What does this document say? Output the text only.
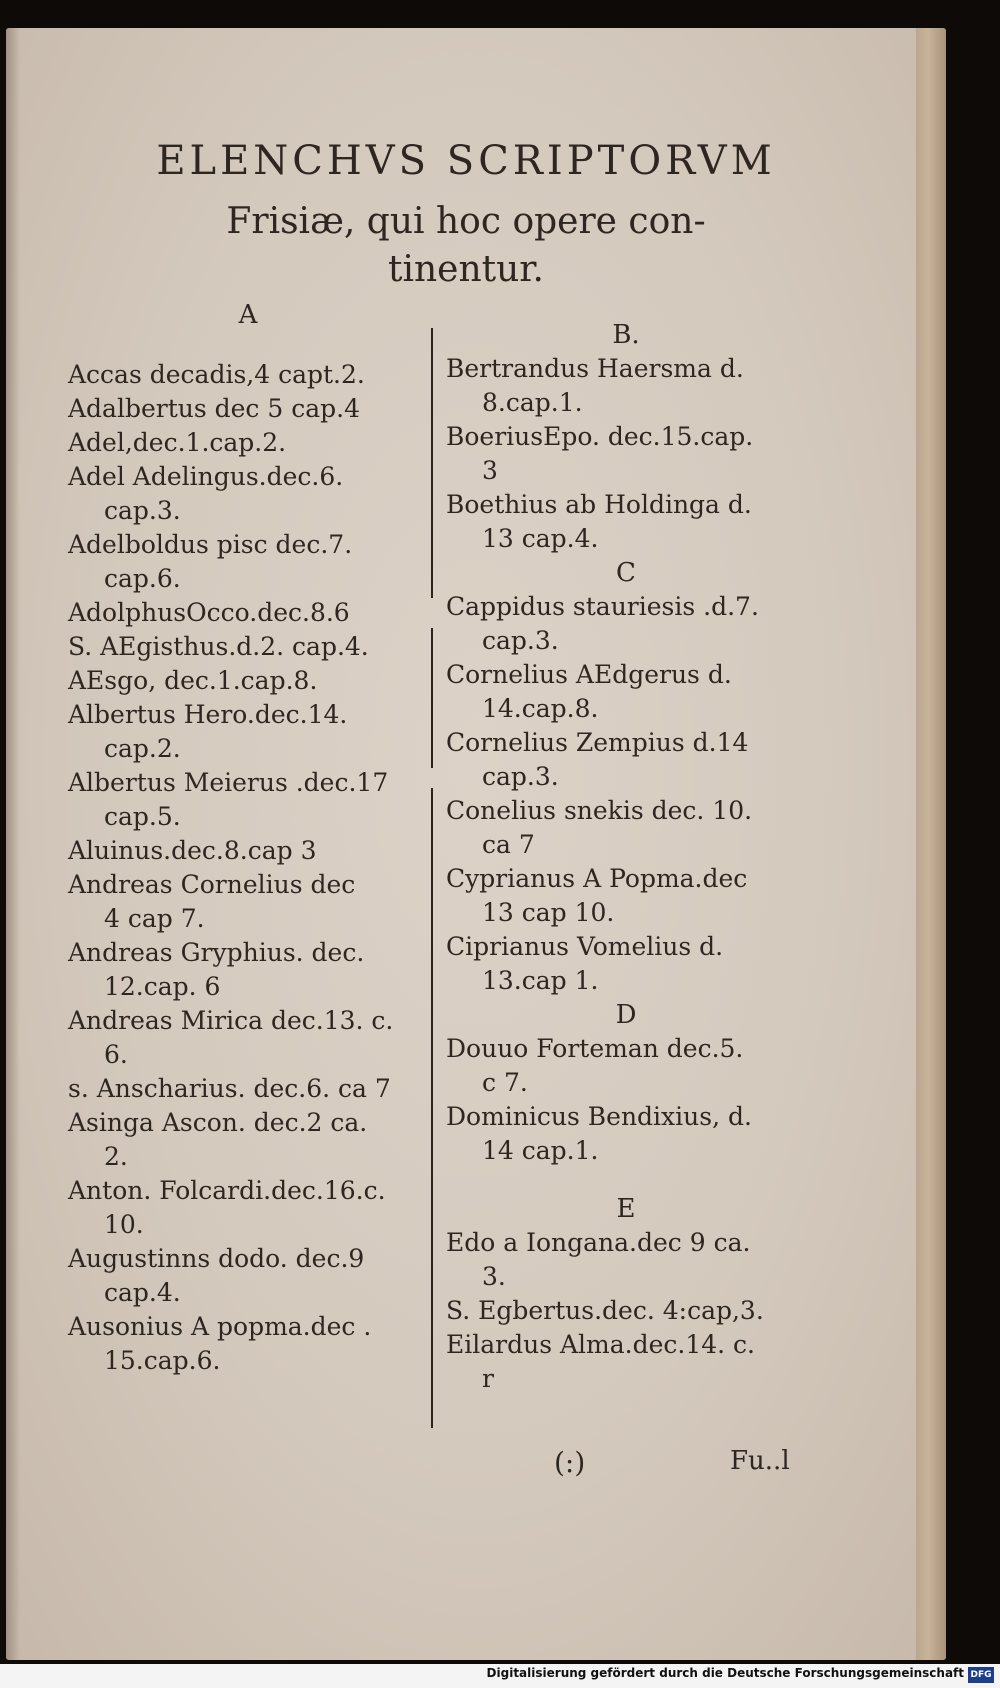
ELENCHVS SCRIPTORVM
Frisiæ, qui hoc opere con-
tinentur.
A
Accas decadis,4 capt.2.
Adalbertus dec 5 cap.4
Adel,dec.1.cap.2.
Adel Adelingus.dec.6.
cap.3.
Adelboldus pisc dec.7.
cap.6.
AdolphusOcco.dec.8.6
S. AEgisthus.d.2. cap.4.
AEsgo, dec.1.cap.8.
Albertus Hero.dec.14.
cap.2.
Albertus Meierus .dec.17
cap.5.
Aluinus.dec.8.cap 3
Andreas Cornelius dec
4 cap 7.
Andreas Gryphius. dec.
12.cap. 6
Andreas Mirica dec.13. c.
6.
s. Anscharius. dec.6. ca 7
Asinga Ascon. dec.2 ca.
2.
Anton. Folcardi.dec.16.c.
10.
Augustinns dodo. dec.9
cap.4.
Ausonius A popma.dec .
15.cap.6.
B.
Bertrandus Haersma d.
8.cap.1.
BoeriusEpo. dec.15.cap.
3
Boethius ab Holdinga d.
13 cap.4.
C
Cappidus stauriesis .d.7.
cap.3.
Cornelius AEdgerus d.
14.cap.8.
Cornelius Zempius d.14
cap.3.
Conelius snekis dec. 10.
ca 7
Cyprianus A Popma.dec
13 cap 10.
Ciprianus Vomelius d.
13.cap 1.
D
Douuo Forteman dec.5.
c 7.
Dominicus Bendixius, d.
14 cap.1.
E
Edo a Iongana.dec 9 ca.
3.
S. Egbertus.dec. 4:cap,3.
Eilardus Alma.dec.14. c.
r
(:)	Fu..l
Digitalisierung gefördert durch die Deutsche Forschungsgemeinschaft DFG
